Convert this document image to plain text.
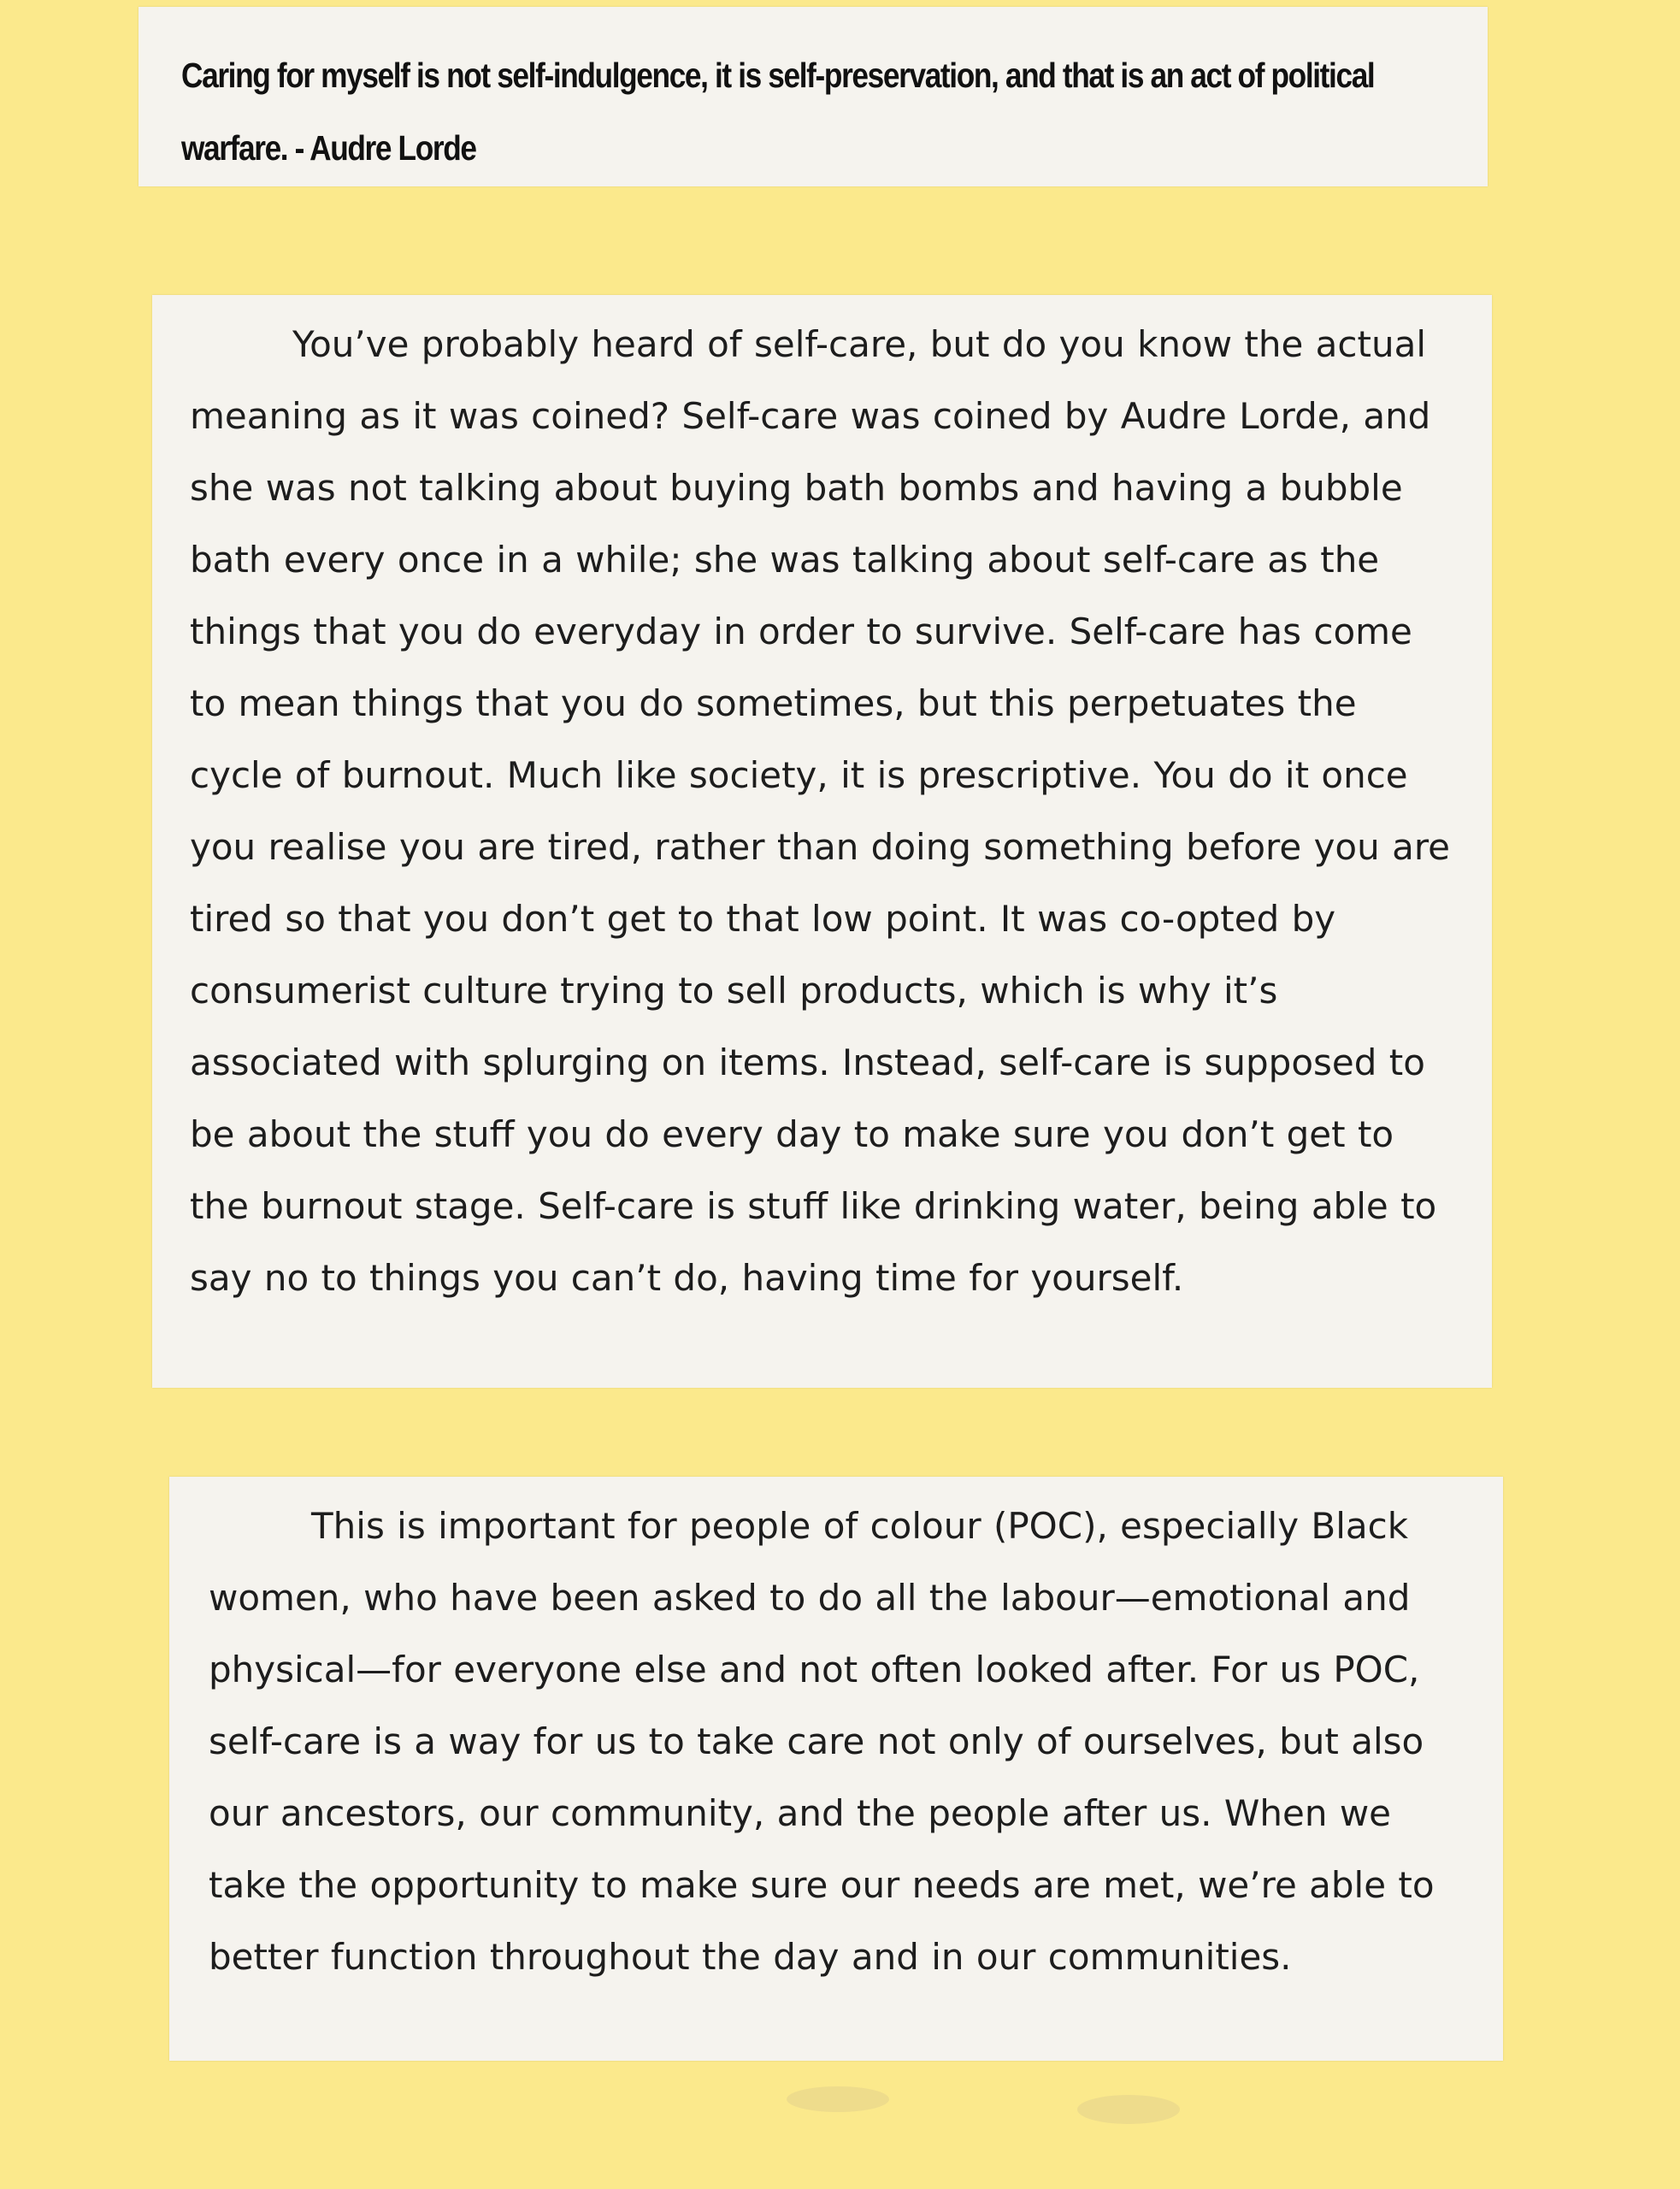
Caring for myself is not self-indulgence, it is self-preservation, and that is an act of political warfare. - Audre Lorde

You’ve probably heard of self-care, but do you know the actual meaning as it was coined? Self-care was coined by Audre Lorde, and she was not talking about buying bath bombs and having a bubble bath every once in a while; she was talking about self-care as the things that you do everyday in order to survive. Self-care has come to mean things that you do sometimes, but this perpetuates the cycle of burnout. Much like society, it is prescriptive. You do it once you realise you are tired, rather than doing something before you are tired so that you don’t get to that low point. It was co-opted by consumerist culture trying to sell products, which is why it’s associated with splurging on items. Instead, self-care is supposed to be about the stuff you do every day to make sure you don’t get to the burnout stage. Self-care is stuff like drinking water, being able to say no to things you can’t do, having time for yourself.

This is important for people of colour (POC), especially Black women, who have been asked to do all the labour—emotional and physical—for everyone else and not often looked after. For us POC, self-care is a way for us to take care not only of ourselves, but also our ancestors, our community, and the people after us. When we take the opportunity to make sure our needs are met, we’re able to better function throughout the day and in our communities.
